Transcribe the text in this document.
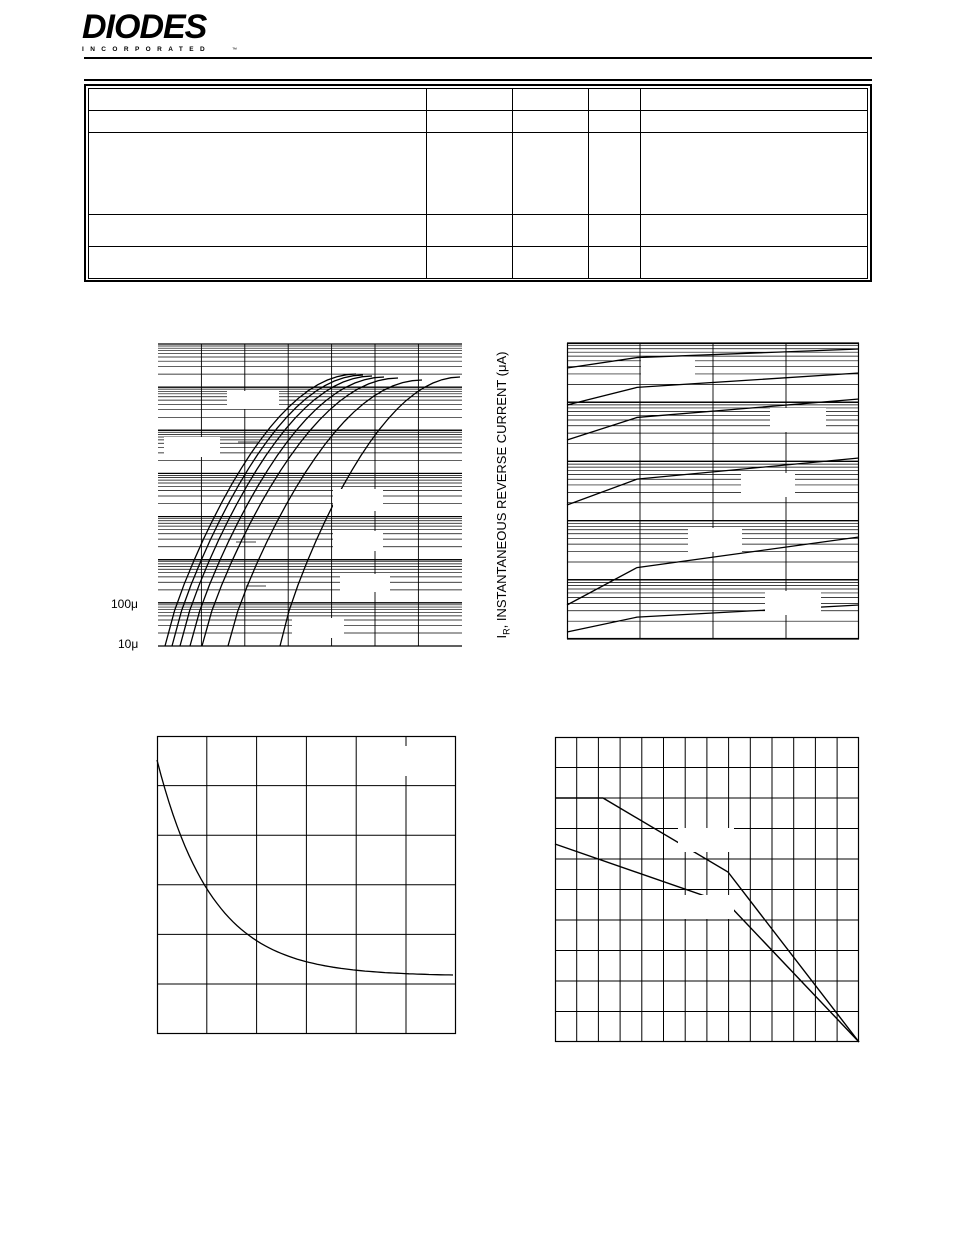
DIODES
INCORPORATED	™

100μ
10μ
$I_R$, INSTANTANEOUS REVERSE CURRENT (μA)
